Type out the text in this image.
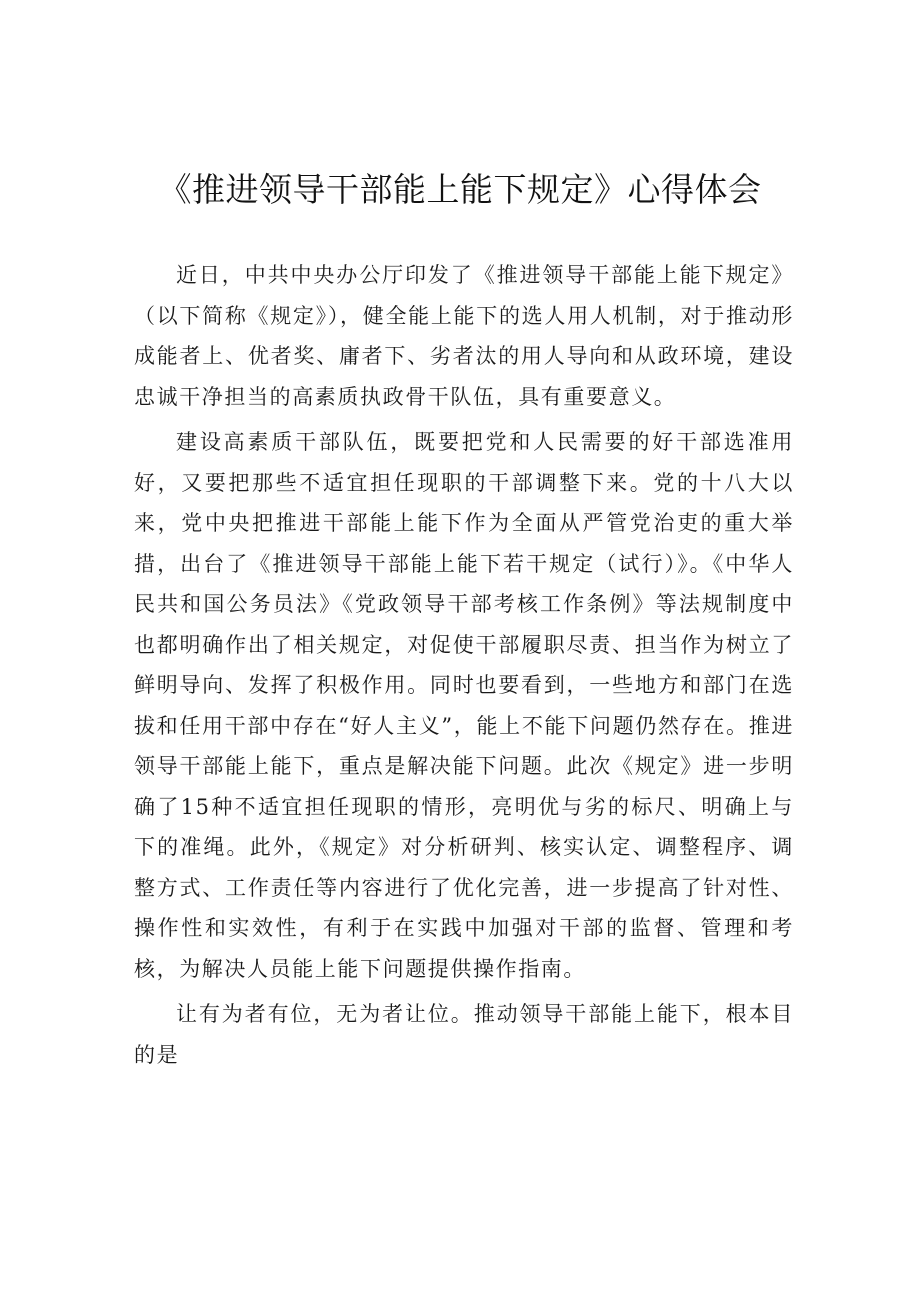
《推进领导干部能上能下规定》心得体会

近日，中共中央办公厅印发了《推进领导干部能上能下规定》（以下简称《规定》），健全能上能下的选人用人机制，对于推动形成能者上、优者奖、庸者下、劣者汰的用人导向和从政环境，建设忠诚干净担当的高素质执政骨干队伍，具有重要意义。

建设高素质干部队伍，既要把党和人民需要的好干部选准用好，又要把那些不适宜担任现职的干部调整下来。党的十八大以来，党中央把推进干部能上能下作为全面从严管党治吏的重大举措，出台了《推进领导干部能上能下若干规定（试行）》。《中华人民共和国公务员法》《党政领导干部考核工作条例》等法规制度中也都明确作出了相关规定，对促使干部履职尽责、担当作为树立了鲜明导向、发挥了积极作用。同时也要看到，一些地方和部门在选拔和任用干部中存在“好人主义”，能上不能下问题仍然存在。推进领导干部能上能下，重点是解决能下问题。此次《规定》进一步明确了15种不适宜担任现职的情形，亮明优与劣的标尺、明确上与下的准绳。此外，《规定》对分析研判、核实认定、调整程序、调整方式、工作责任等内容进行了优化完善，进一步提高了针对性、操作性和实效性，有利于在实践中加强对干部的监督、管理和考核，为解决人员能上能下问题提供操作指南。

让有为者有位，无为者让位。推动领导干部能上能下，根本目的是
